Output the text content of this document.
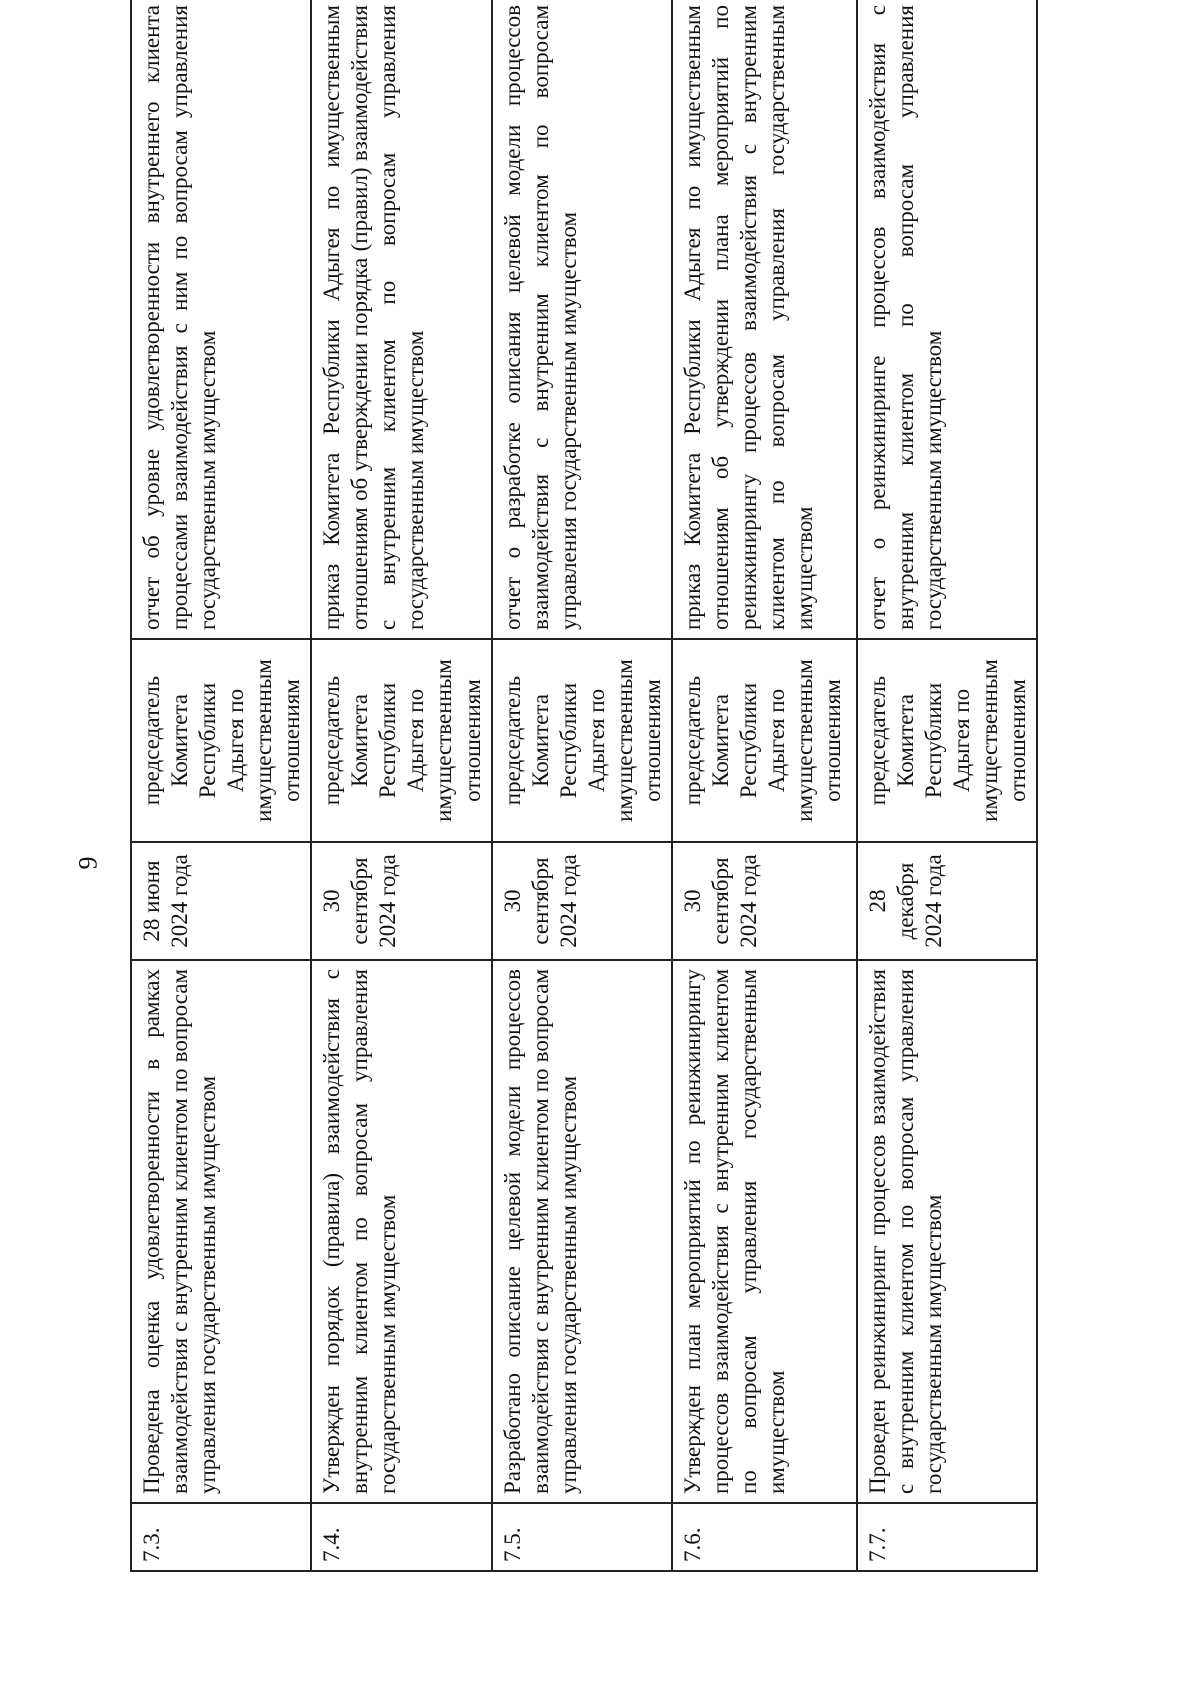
9
7.3.	Проведена оценка удовлетворенности в рамках взаимодействия с внутренним клиентом по вопросам управления государственным имуществом	28 июня 2024 года	председатель Комитета Республики Адыгея по имущественным отношениям	отчет об уровне удовлетворенности внутреннего клиента процессами взаимодействия с ним по вопросам управления государственным имуществом
7.4.	Утвержден порядок (правила) взаимодействия с внутренним клиентом по вопросам управления государственным имуществом	30 сентября 2024 года	председатель Комитета Республики Адыгея по имущественным отношениям	приказ Комитета Республики Адыгея по имущественным отношениям об утверждении порядка (правил) взаимодействия с внутренним клиентом по вопросам управления государственным имуществом
7.5.	Разработано описание целевой модели процессов взаимодействия с внутренним клиентом по вопросам управления государственным имуществом	30 сентября 2024 года	председатель Комитета Республики Адыгея по имущественным отношениям	отчет о разработке описания целевой модели процессов взаимодействия с внутренним клиентом по вопросам управления государственным имуществом
7.6.	Утвержден план мероприятий по реинжинирингу процессов взаимодействия с внутренним клиентом по вопросам управления государственным имуществом	30 сентября 2024 года	председатель Комитета Республики Адыгея по имущественным отношениям	приказ Комитета Республики Адыгея по имущественным отношениям об утверждении плана мероприятий по реинжинирингу процессов взаимодействия с внутренним клиентом по вопросам управления государственным имуществом
7.7.	Проведен реинжиниринг процессов взаимодействия с внутренним клиентом по вопросам управления государственным имуществом	28 декабря 2024 года	председатель Комитета Республики Адыгея по имущественным отношениям	отчет о реинжиниринге процессов взаимодействия с внутренним клиентом по вопросам управления государственным имуществом
